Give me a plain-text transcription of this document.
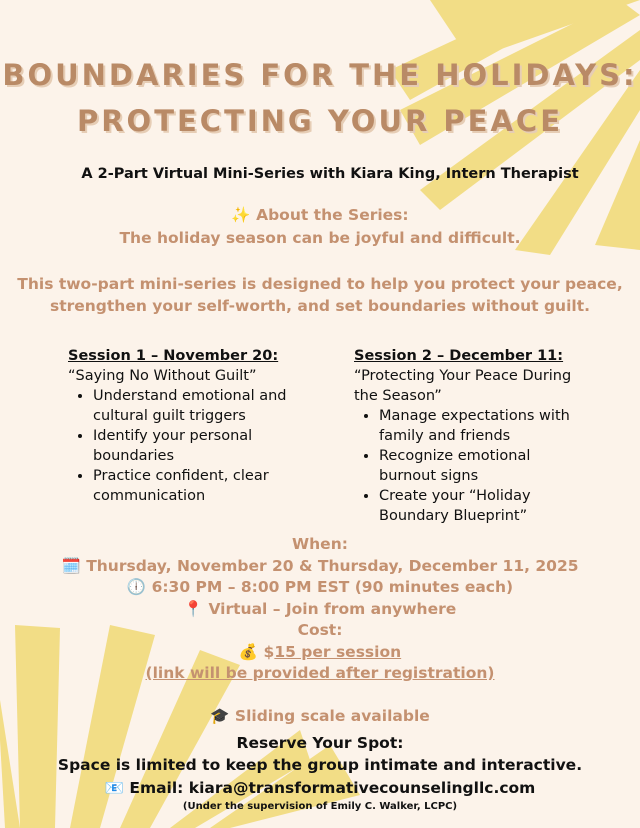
BOUNDARIES FOR THE HOLIDAYS:
PROTECTING YOUR PEACE
A 2-Part Virtual Mini-Series with Kiara King, Intern Therapist
✨ About the Series:
The holiday season can be joyful and difficult.
This two-part mini-series is designed to help you protect your peace,
strengthen your self-worth, and set boundaries without guilt.
Session 1 – November 20:

“Saying No Without Guilt”

• Understand emotional and cultural guilt triggers
• Identify your personal boundaries
• Practice confident, clear communication
Session 2 – December 11:

“Protecting Your Peace During the Season”

• Manage expectations with family and friends
• Recognize emotional burnout signs
• Create your “Holiday Boundary Blueprint”
When:
🗓️ Thursday, November 20 & Thursday, December 11, 2025
🕕 6:30 PM – 8:00 PM EST (90 minutes each)
📍 Virtual – Join from anywhere
Cost:
💰 $15 per session
(link will be provided after registration)
🎓 Sliding scale available
Reserve Your Spot:
Space is limited to keep the group intimate and interactive.
📧 Email: kiara@transformativecounselingllc.com
(Under the supervision of Emily C. Walker, LCPC)
